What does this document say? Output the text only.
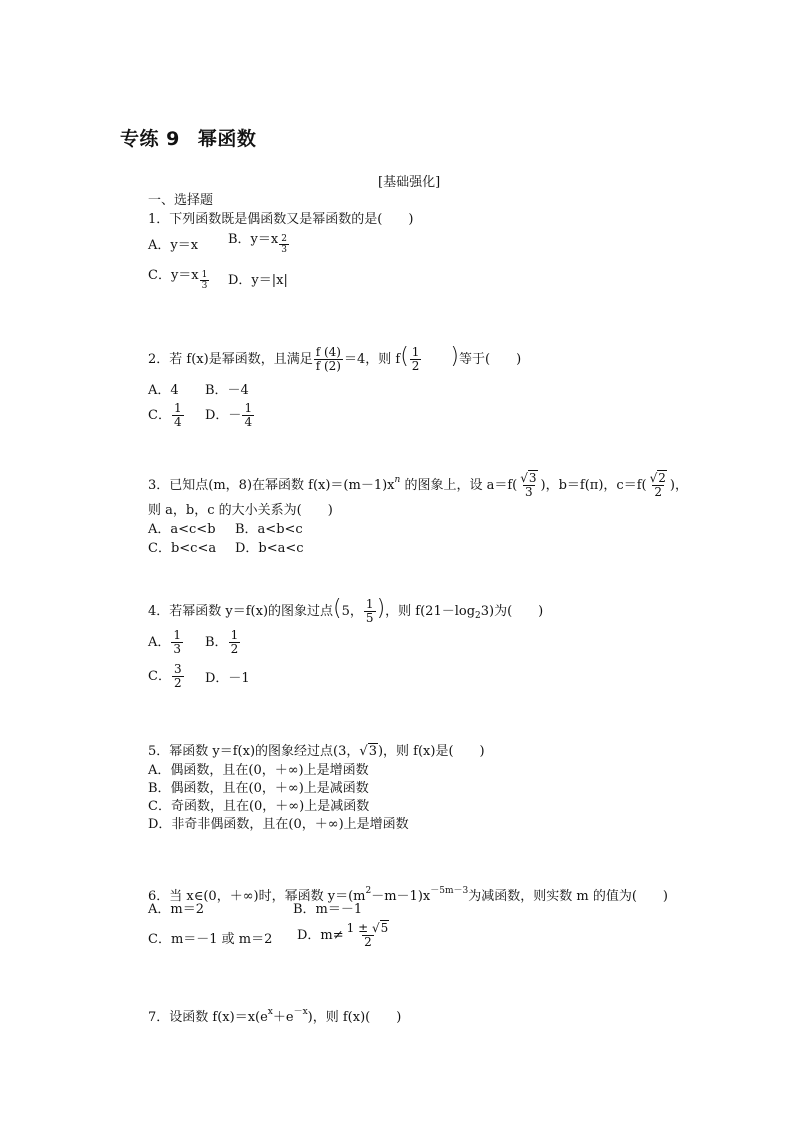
专练 9 幂函数
[基础强化]
一、选择题
1．下列函数既是偶函数又是幂函数的是(　　)
A．y＝x B．$y=x \frac{2}{3}$
C．$y=x \frac{1}{3}$ D．y＝|x|
2．若 f(x)是幂函数，且满足 $\frac{f (4)}{f (2)} =4$，则 $f( \frac{1}{2}$ )等于(　　)
A．4 B．－4
C． $\frac{1}{4}$ D．－ $\frac{1}{4}$
3．已知点(m，8)在幂函数 $f(x)=(m-1)x^n$ 的图象上，设 $a=f( \frac{√3}{3}$ )，b＝f(π)，$c=f( \frac{√2}{2}$ )，
则 a，b，c 的大小关系为(　　)
A．a<c<b B．a<b<c
C．b<c<a D．b<a<c
4．若幂函数 y＝f(x)的图象过点(5， $\frac{1}{5}$ )，则 $f(21-\log_23)$为(　　)
A． $\frac{1}{3}$ B． $\frac{1}{2}$
C． $\frac{3}{2}$ D．－1
5．幂函数 y＝f(x)的图象经过点(3，√3)，则 f(x)是(　　)
A．偶函数，且在(0，＋∞)上是增函数
B．偶函数，且在(0，＋∞)上是减函数
C．奇函数，且在(0，＋∞)上是减函数
D．非奇非偶函数，且在(0，＋∞)上是增函数
6．当 x∈(0，＋∞)时，幂函数 $y=(m^2-m-1)x^{-5m-3}$为减函数，则实数 m 的值为(　　)
A．m＝2	B．m＝－1
C．m＝－1 或 m＝2 D．$m\ne \frac{1 \pm √5}{2}$
7．设函数 $f(x)=x(e^x+e^{-x})$，则 f(x)(　　)
